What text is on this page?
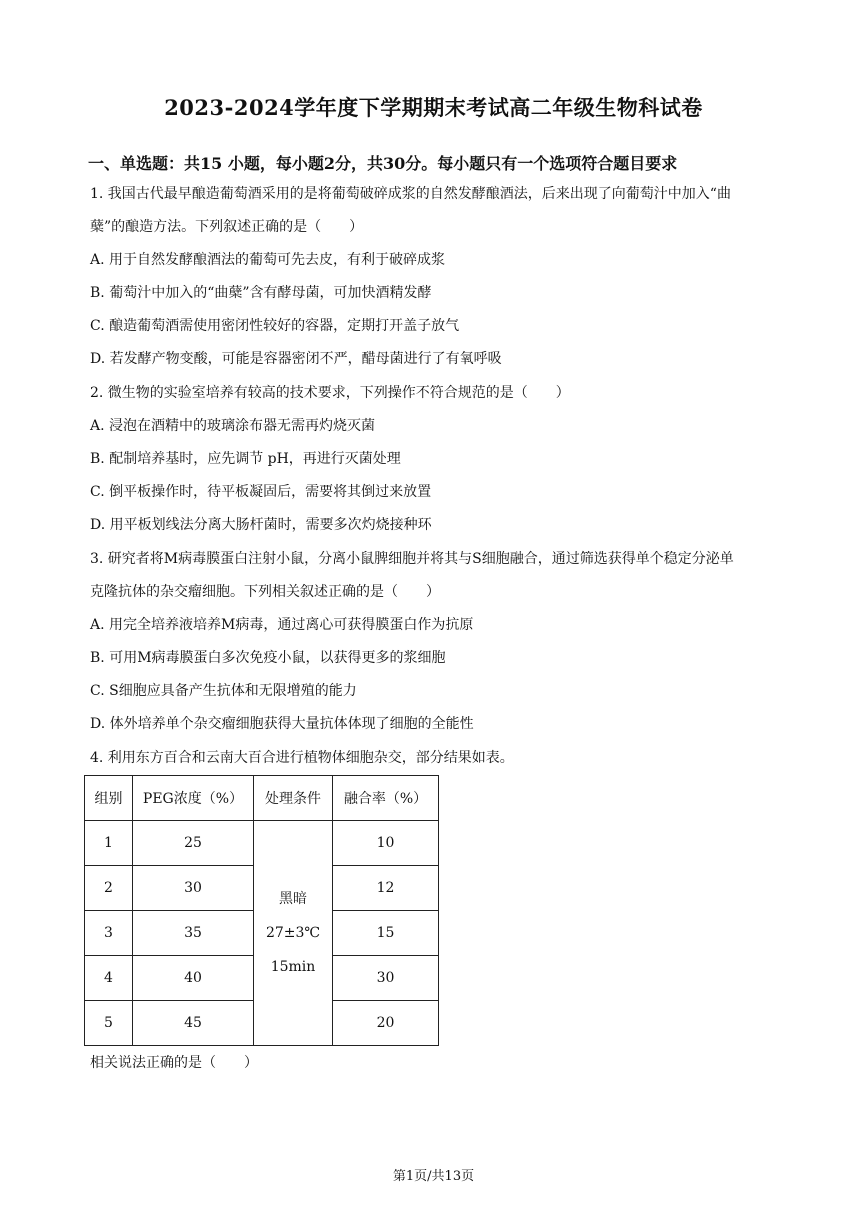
2023-2024学年度下学期期末考试高二年级生物科试卷
一、单选题：共15 小题，每小题2分，共30分。每小题只有一个选项符合题目要求
1. 我国古代最早酿造葡萄酒采用的是将葡萄破碎成浆的自然发酵酿酒法，后来出现了向葡萄汁中加入“曲
蘖”的酿造方法。下列叙述正确的是（　　）
A. 用于自然发酵酿酒法的葡萄可先去皮，有利于破碎成浆
B. 葡萄汁中加入的“曲蘖”含有酵母菌，可加快酒精发酵
C. 酿造葡萄酒需使用密闭性较好的容器，定期打开盖子放气
D. 若发酵产物变酸，可能是容器密闭不严，醋母菌进行了有氧呼吸
2. 微生物的实验室培养有较高的技术要求，下列操作不符合规范的是（　　）
A. 浸泡在酒精中的玻璃涂布器无需再灼烧灭菌
B. 配制培养基时，应先调节 pH，再进行灭菌处理
C. 倒平板操作时，待平板凝固后，需要将其倒过来放置
D. 用平板划线法分离大肠杆菌时，需要多次灼烧接种环
3. 研究者将M病毒膜蛋白注射小鼠，分离小鼠脾细胞并将其与S细胞融合，通过筛选获得单个稳定分泌单
克隆抗体的杂交瘤细胞。下列相关叙述正确的是（　　）
A. 用完全培养液培养M病毒，通过离心可获得膜蛋白作为抗原
B. 可用M病毒膜蛋白多次免疫小鼠，以获得更多的浆细胞
C. S细胞应具备产生抗体和无限增殖的能力
D. 体外培养单个杂交瘤细胞获得大量抗体体现了细胞的全能性
4. 利用东方百合和云南大百合进行植物体细胞杂交，部分结果如表。
组别	PEG浓度（%）	处理条件	融合率（%）
1	25	黑暗
27±3℃
15min	10
2	30		12
3	35		15
4	40		30
5	45		20
相关说法正确的是（　　）
第1页/共13页
